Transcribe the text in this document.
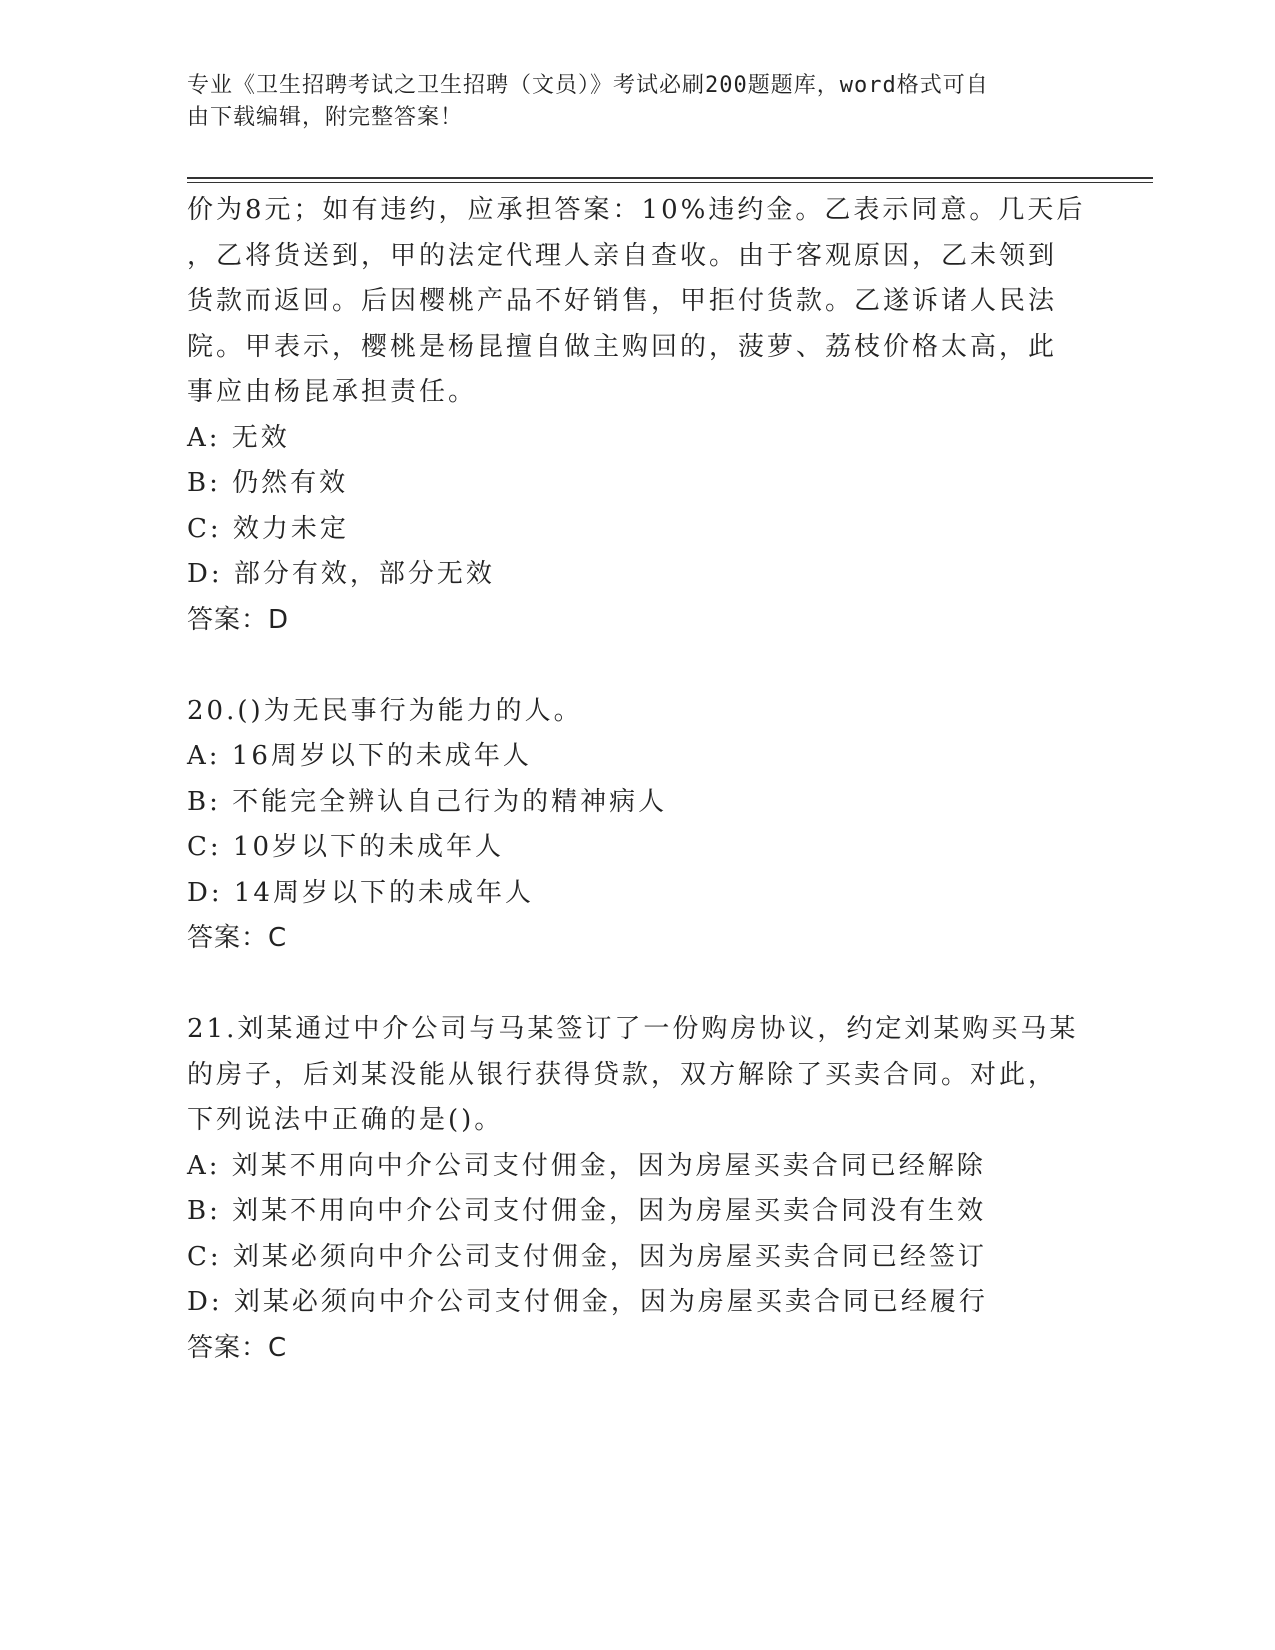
专业《卫生招聘考试之卫生招聘（文员）》考试必刷200题题库，word格式可自
由下载编辑，附完整答案！
价为8元；如有违约，应承担答案：10%违约金。乙表示同意。几天后
，乙将货送到，甲的法定代理人亲自查收。由于客观原因，乙未领到
货款而返回。后因樱桃产品不好销售，甲拒付货款。乙遂诉诸人民法
院。甲表示，樱桃是杨昆擅自做主购回的，菠萝、荔枝价格太高，此
事应由杨昆承担责任。
A: 无效
B: 仍然有效
C: 效力未定
D: 部分有效，部分无效
答案：D
20.()为无民事行为能力的人。
A: 16周岁以下的未成年人
B: 不能完全辨认自己行为的精神病人
C: 10岁以下的未成年人
D: 14周岁以下的未成年人
答案：C
21.刘某通过中介公司与马某签订了一份购房协议，约定刘某购买马某
的房子，后刘某没能从银行获得贷款，双方解除了买卖合同。对此，
下列说法中正确的是()。
A: 刘某不用向中介公司支付佣金，因为房屋买卖合同已经解除
B: 刘某不用向中介公司支付佣金，因为房屋买卖合同没有生效
C: 刘某必须向中介公司支付佣金，因为房屋买卖合同已经签订
D: 刘某必须向中介公司支付佣金，因为房屋买卖合同已经履行
答案：C
